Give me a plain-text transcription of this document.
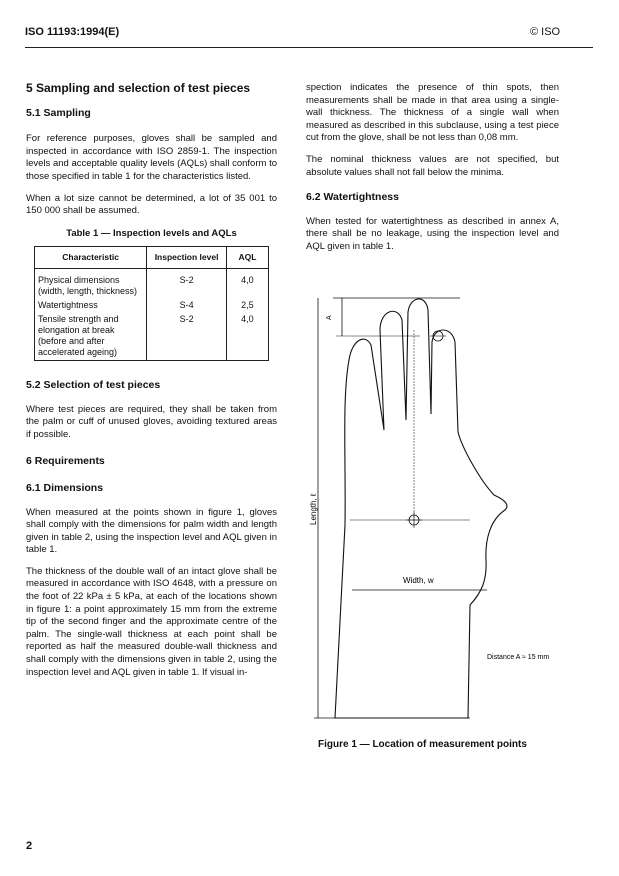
ISO 11193:1994(E)	© ISO

5 Sampling and selection of test pieces

5.1 Sampling

For reference purposes, gloves shall be sampled and inspected in accordance with ISO 2859-1. The inspection levels and acceptable quality levels (AQLs) shall conform to those specified in table 1 for the characteristics listed.

When a lot size cannot be determined, a lot of 35 001 to 150 000 shall be assumed.

Table 1 — Inspection levels and AQLs
Characteristic	Inspection level	AQL
Physical dimensions (width, length, thickness)	S-2	4,0
Watertightness	S-4	2,5
Tensile strength and elongation at break (before and after accelerated ageing)	S-2	4,0

5.2 Selection of test pieces

Where test pieces are required, they shall be taken from the palm or cuff of unused gloves, avoiding textured areas if possible.

6 Requirements

6.1 Dimensions

When measured at the points shown in figure 1, gloves shall comply with the dimensions for palm width and length given in table 2, using the inspection level and AQL given in table 1.

The thickness of the double wall of an intact glove shall be measured in accordance with ISO 4648, with a pressure on the foot of 22 kPa ± 5 kPa, at each of the locations shown in figure 1: a point approximately 15 mm from the extreme tip of the second finger and the approximate centre of the palm. The single-wall thickness at each point shall be reported as half the measured double-wall thickness and shall comply with the dimensions given in table 2, using the inspection level and AQL given in table 1. If visual in-

spection indicates the presence of thin spots, then measurements shall be made in that area using a single-wall thickness. The thickness of a single wall when measured as described in this subclause, using a test piece cut from the glove, shall be not less than 0,08 mm.

The nominal thickness values are not specified, but absolute values shall not fall below the minima.

6.2 Watertightness

When tested for watertightness as described in annex A, there shall be no leakage, using the inspection level and AQL given in table 1.

A
Width, w
Length, ℓ
Distance A ≈ 15 mm
Figure 1 — Location of measurement points
2
